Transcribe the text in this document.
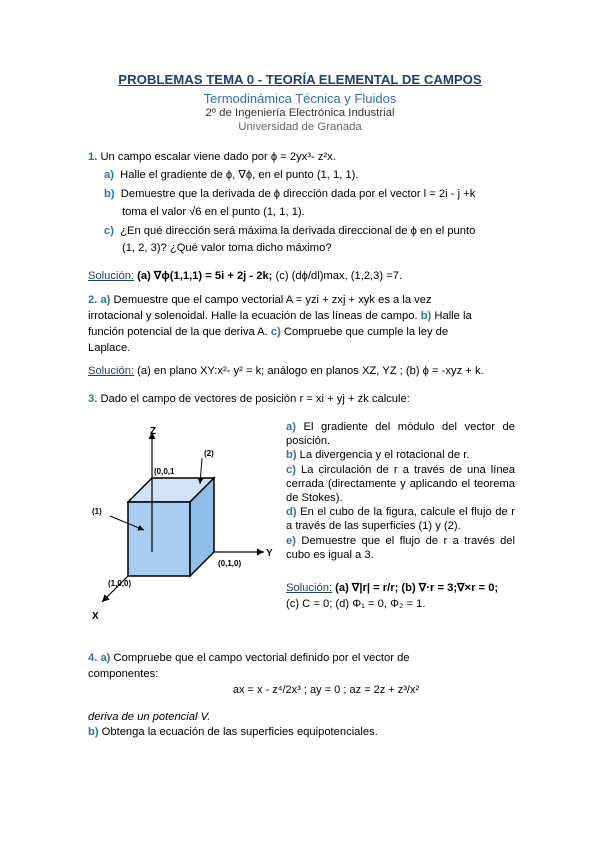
PROBLEMAS TEMA 0 - TEORÍA ELEMENTAL DE CAMPOS
Termodinámica Técnica y Fluidos
2º de Ingeniería Electrónica Industrial
Universidad de Granada
1. Un campo escalar viene dado por ϕ = 2yx³- z²x.
a) Halle el gradiente de ϕ, ∇ϕ, en el punto (1, 1, 1).
b) Demuestre que la derivada de ϕ dirección dada por el vector l = 2i - j +k
toma el valor √6 en el punto (1, 1, 1).
c) ¿En qué dirección será máxima la derivada direccional de ϕ en el punto
(1, 2, 3)? ¿Qué valor toma dicho máximo?
Solución: (a) ∇ϕ(1,1,1) = 5i + 2j - 2k; (c) (dϕ/dl)max, (1,2,3) =7.
2. a) Demuestre que el campo vectorial A = yzi + zxj + xyk es a la vez
irrotacional y solenoidal. Halle la ecuación de las líneas de campo. b) Halle la
función potencial de la que deriva A. c) Compruebe que cumple la ley de
Laplace.
Solución: (a) en plano XY:x²- y² = k; análogo en planos XZ, YZ ; (b) ϕ = -xyz + k.
3. Dado el campo de vectores de posición r = xi + yj + zk calcule:
Z
Y
X
(0,0,1
(0,1,0)
(1,0,0)
(1)
(2)
a) El gradiente del módulo del vector de posición.
b) La divergencia y el rotacional de r.
c) La circulación de r a través de una línea cerrada (directamente y aplicando el teorema de Stokes).
d) En el cubo de la figura, calcule el flujo de r a través de las superficies (1) y (2).
e) Demuestre que el flujo de r a través del cubo es igual a 3.
Solución: (a) ∇|r| = r/r; (b) ∇·r = 3;∇×r = 0;
(c) C = 0; (d) Φ₁ = 0, Φ₂ = 1.
4. a) Compruebe que el campo vectorial definido por el vector de
componentes:
ax = x - z⁴/2x³ ; ay = 0 ; az = 2z + z³/x²
deriva de un potencial V.
b) Obtenga la ecuación de las superficies equipotenciales.
